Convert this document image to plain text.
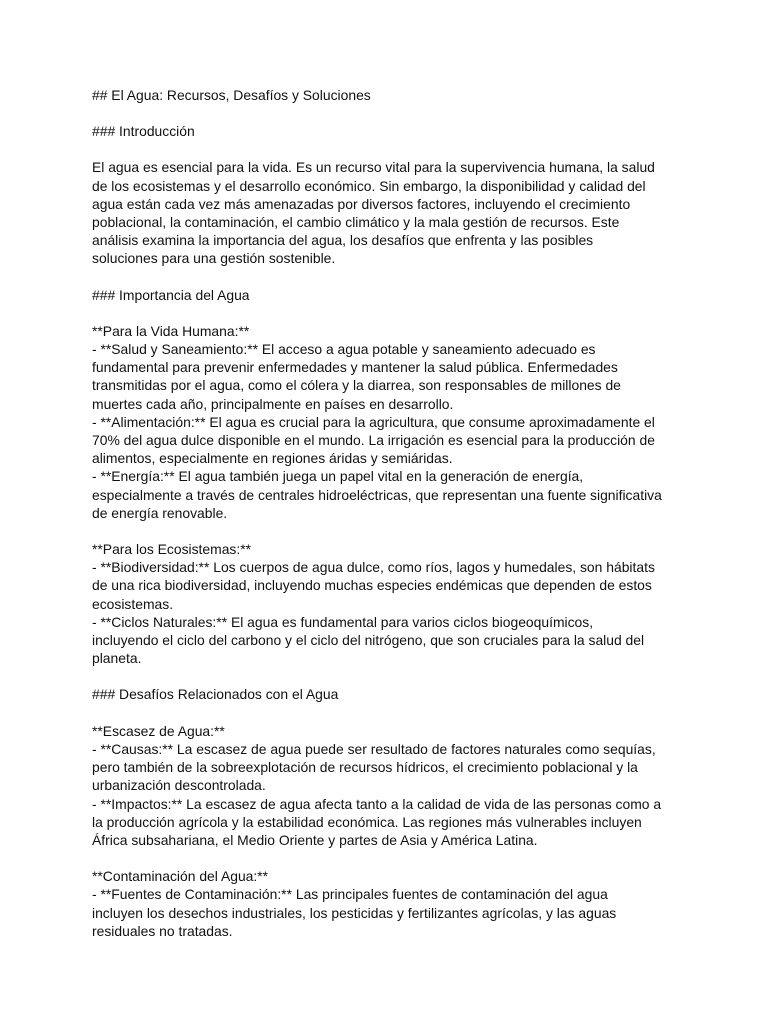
## El Agua: Recursos, Desafíos y Soluciones

### Introducción

El agua es esencial para la vida. Es un recurso vital para la supervivencia humana, la salud
de los ecosistemas y el desarrollo económico. Sin embargo, la disponibilidad y calidad del
agua están cada vez más amenazadas por diversos factores, incluyendo el crecimiento
poblacional, la contaminación, el cambio climático y la mala gestión de recursos. Este
análisis examina la importancia del agua, los desafíos que enfrenta y las posibles
soluciones para una gestión sostenible.

### Importancia del Agua

**Para la Vida Humana:**

- **Salud y Saneamiento:** El acceso a agua potable y saneamiento adecuado es
fundamental para prevenir enfermedades y mantener la salud pública. Enfermedades
transmitidas por el agua, como el cólera y la diarrea, son responsables de millones de
muertes cada año, principalmente en países en desarrollo.

- **Alimentación:** El agua es crucial para la agricultura, que consume aproximadamente el
70% del agua dulce disponible en el mundo. La irrigación es esencial para la producción de
alimentos, especialmente en regiones áridas y semiáridas.

- **Energía:** El agua también juega un papel vital en la generación de energía,
especialmente a través de centrales hidroeléctricas, que representan una fuente significativa
de energía renovable.

**Para los Ecosistemas:**

- **Biodiversidad:** Los cuerpos de agua dulce, como ríos, lagos y humedales, son hábitats
de una rica biodiversidad, incluyendo muchas especies endémicas que dependen de estos
ecosistemas.

- **Ciclos Naturales:** El agua es fundamental para varios ciclos biogeoquímicos,
incluyendo el ciclo del carbono y el ciclo del nitrógeno, que son cruciales para la salud del
planeta.

### Desafíos Relacionados con el Agua

**Escasez de Agua:**

- **Causas:** La escasez de agua puede ser resultado de factores naturales como sequías,
pero también de la sobreexplotación de recursos hídricos, el crecimiento poblacional y la
urbanización descontrolada.

- **Impactos:** La escasez de agua afecta tanto a la calidad de vida de las personas como a
la producción agrícola y la estabilidad económica. Las regiones más vulnerables incluyen
África subsahariana, el Medio Oriente y partes de Asia y América Latina.

**Contaminación del Agua:**

- **Fuentes de Contaminación:** Las principales fuentes de contaminación del agua
incluyen los desechos industriales, los pesticidas y fertilizantes agrícolas, y las aguas
residuales no tratadas.
